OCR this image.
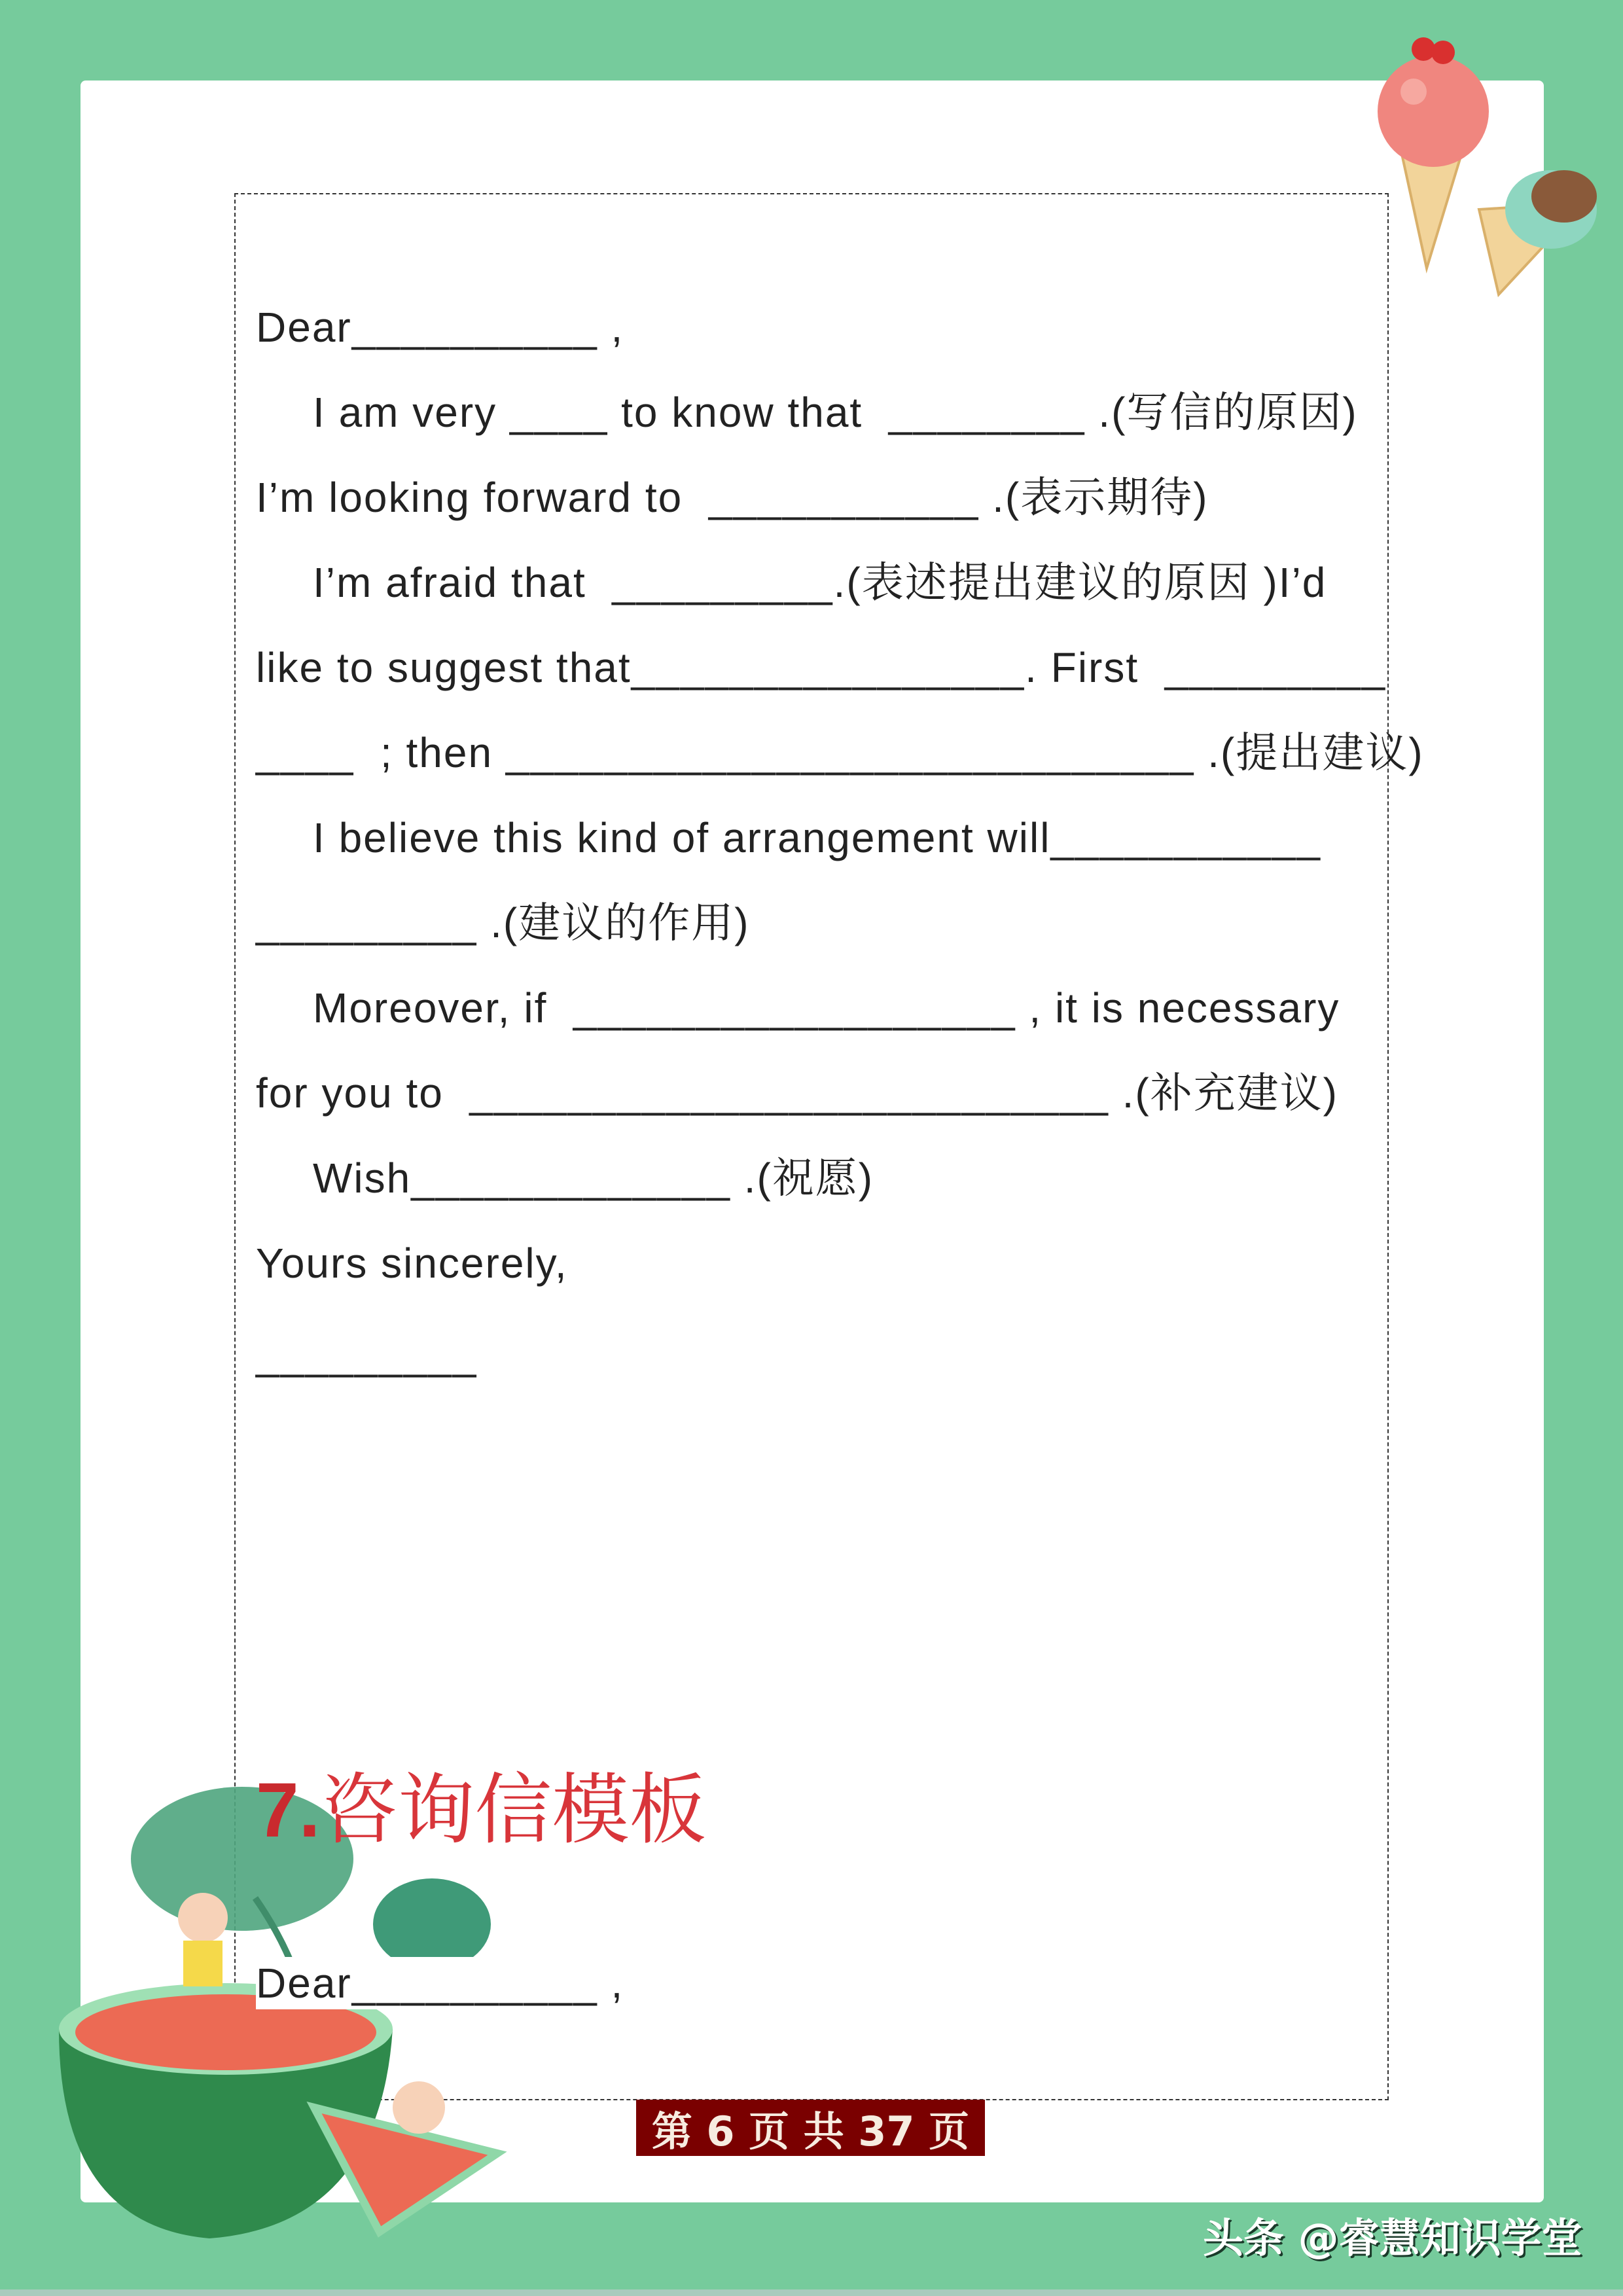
Dear__________ ,
I am very ____ to know that  ________ .(写信的原因)
I’m looking forward to  ___________ .(表示期待)
I’m afraid that  _________.(表述提出建议的原因 )I’d
like to suggest that________________. First  _________
____  ; then ____________________________ .(提出建议)
I believe this kind of arrangement will___________
_________ .(建议的作用)
Moreover, if  __________________ , it is necessary
for you to  __________________________ .(补充建议)
Wish_____________ .(祝愿)
Yours sincerely,
_________
7.咨询信模板
Dear__________ ,
第 6 页 共 37 页
头条 @睿慧知识学堂
